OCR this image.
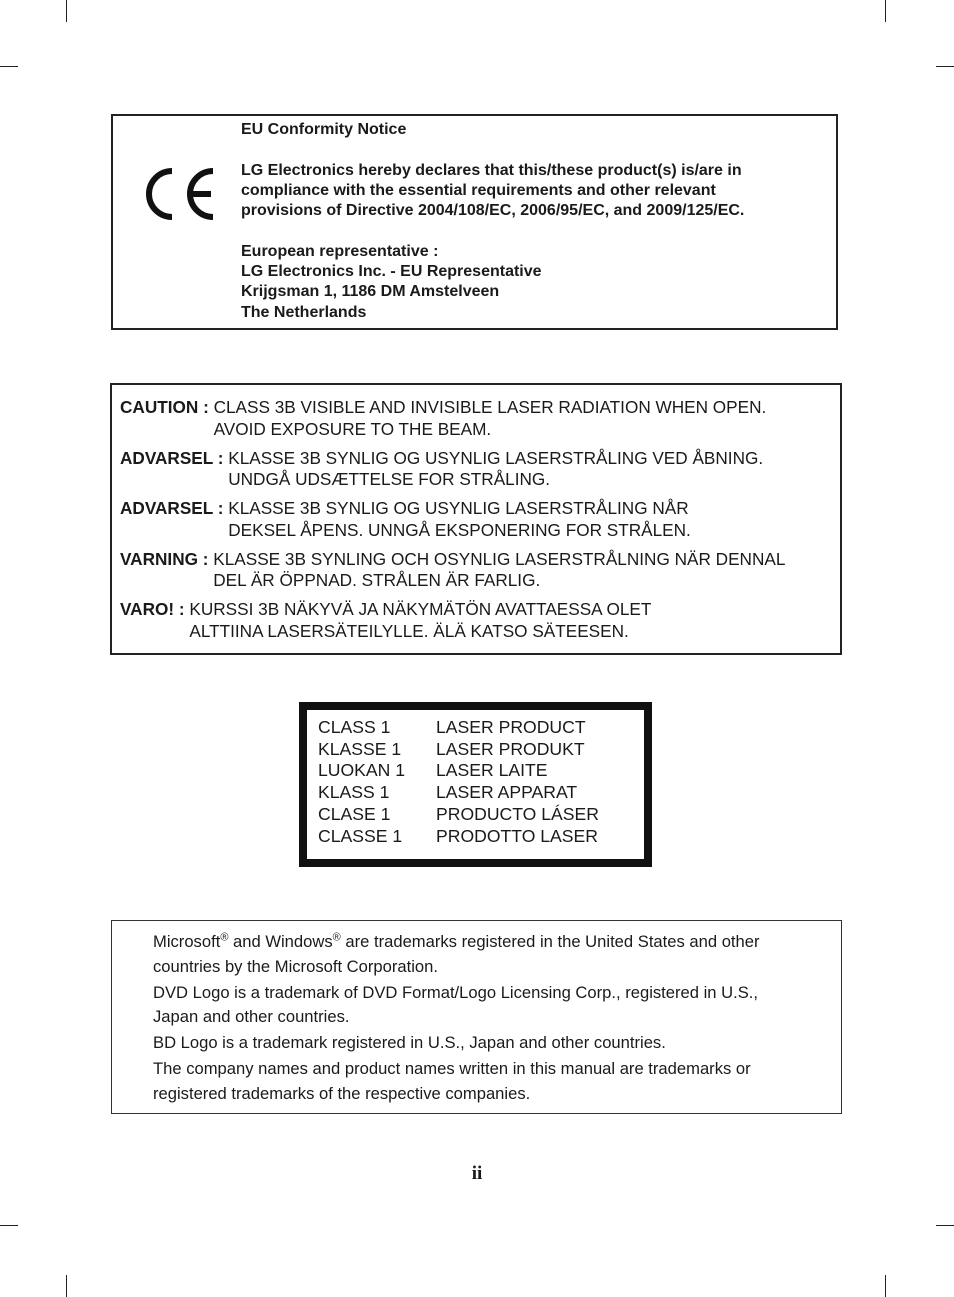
EU Conformity Notice
LG Electronics hereby declares that this/these product(s) is/are in
compliance with the essential requirements and other relevant
provisions of Directive 2004/108/EC, 2006/95/EC, and 2009/125/EC.
European representative :
LG Electronics Inc. - EU Representative
Krijgsman 1, 1186 DM Amstelveen
The Netherlands
CAUTION : CLASS 3B VISIBLE AND INVISIBLE LASER RADIATION WHEN OPEN.
AVOID EXPOSURE TO THE BEAM.
ADVARSEL : KLASSE 3B SYNLIG OG USYNLIG LASERSTRÅLING VED ÅBNING.
UNDGÅ UDSÆTTELSE FOR STRÅLING.
ADVARSEL : KLASSE 3B SYNLIG OG USYNLIG LASERSTRÅLING NÅR
DEKSEL ÅPENS. UNNGÅ EKSPONERING FOR STRÅLEN.
VARNING : KLASSE 3B SYNLING OCH OSYNLIG LASERSTRÅLNING NÄR DENNAL
DEL ÄR ÖPPNAD. STRÅLEN ÄR FARLIG.
VARO! : KURSSI 3B NÄKYVÄ JA NÄKYMÄTÖN AVATTAESSA OLET
ALTTIINA LASERSÄTEILYLLE. ÄLÄ KATSO SÄTEESEN.
CLASS 1	LASER PRODUCT
KLASSE 1	LASER PRODUKT
LUOKAN 1	LASER LAITE
KLASS 1	LASER APPARAT
CLASE 1	PRODUCTO LÁSER
CLASSE 1	PRODOTTO LASER
Microsoft® and Windows® are trademarks registered in the United States and other
countries by the Microsoft Corporation.
DVD Logo is a trademark of DVD Format/Logo Licensing Corp., registered in U.S.,
Japan and other countries.
BD Logo is a trademark registered in U.S., Japan and other countries.
The company names and product names written in this manual are trademarks or
registered trademarks of the respective companies.
ii
